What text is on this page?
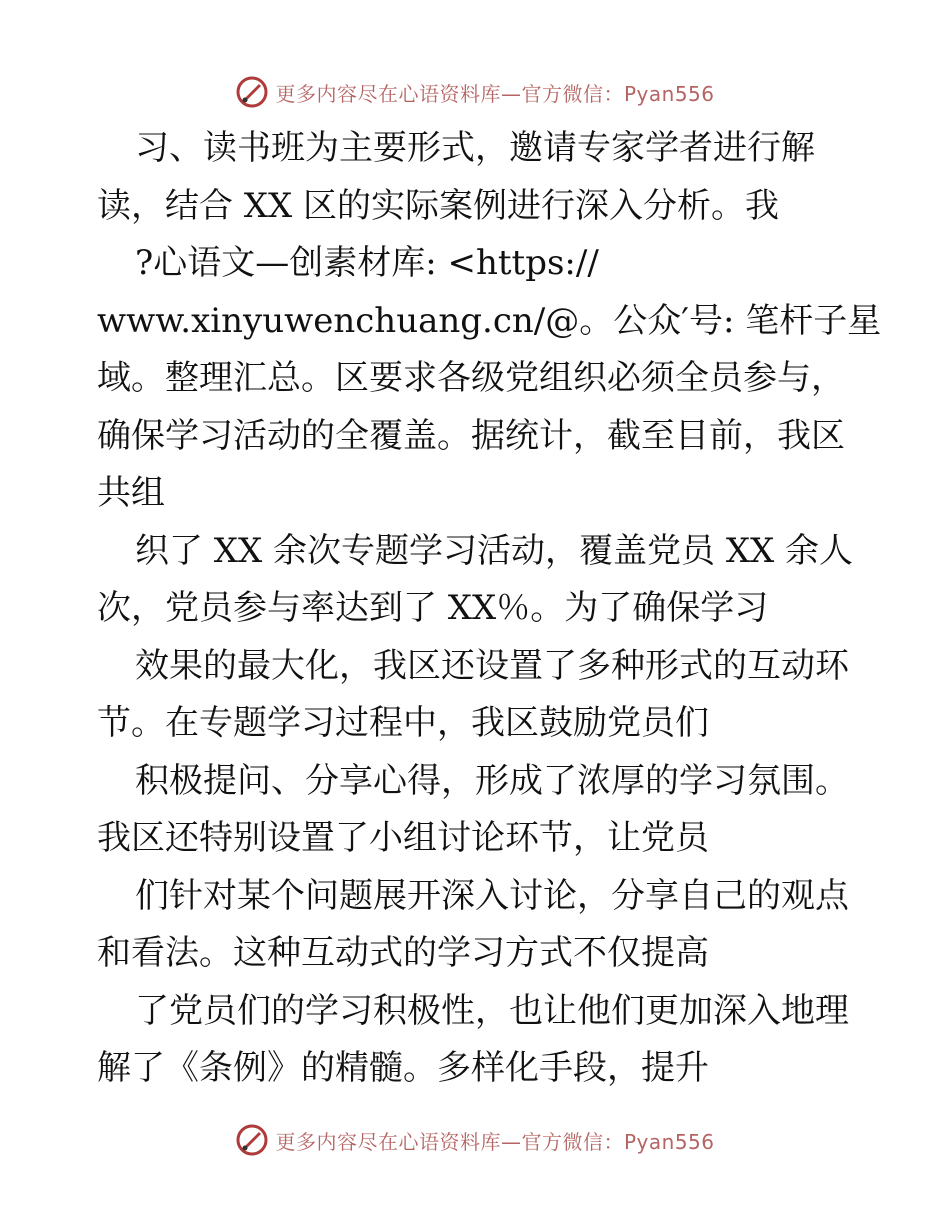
更多内容尽在心语资料库—官方微信：Pyan556
习、读书班为主要形式，邀请专家学者进行解
读，结合 XX 区的实际案例进行深入分析。我
?心语文—创素材库: <https://
www.xinyuwenchuang.cn/@。公众′号: 笔杆子星
域。整理汇总。区要求各级党组织必须全员参与，
确保学习活动的全覆盖。据统计，截至目前，我区
共组
织了 XX 余次专题学习活动，覆盖党员 XX 余人
次，党员参与率达到了 XX％。为了确保学习
效果的最大化，我区还设置了多种形式的互动环
节。在专题学习过程中，我区鼓励党员们
积极提问、分享心得，形成了浓厚的学习氛围。
我区还特别设置了小组讨论环节，让党员
们针对某个问题展开深入讨论，分享自己的观点
和看法。这种互动式的学习方式不仅提高
了党员们的学习积极性，也让他们更加深入地理
解了《条例》的精髓。多样化手段，提升
更多内容尽在心语资料库—官方微信：Pyan556
